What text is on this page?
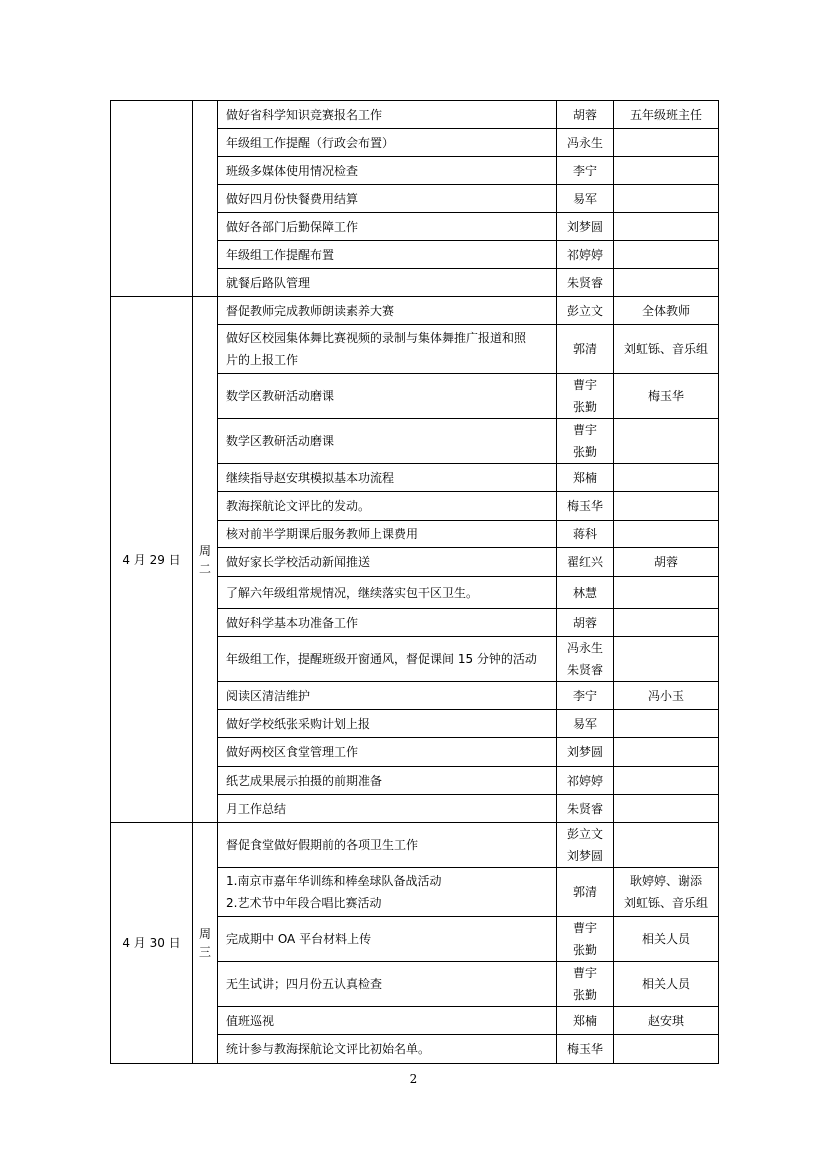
		做好省科学知识竞赛报名工作	胡蓉	五年级班主任

		年级组工作提醒（行政会布置）	冯永生	

		班级多媒体使用情况检查	李宁	

		做好四月份快餐费用结算	易军	

		做好各部门后勤保障工作	刘梦圆	

		年级组工作提醒布置	祁婷婷	

		就餐后路队管理	朱贤睿	

4 月 29 日	周
二	督促教师完成教师朗读素养大赛	彭立文	全体教师

		做好区校园集体舞比赛视频的录制与集体舞推广报道和照
片的上报工作	郭清	刘虹铄、音乐组

		数学区教研活动磨课	曹宇
张勤	梅玉华

		数学区教研活动磨课	曹宇
张勤	

		继续指导赵安琪模拟基本功流程	郑楠	

		教海探航论文评比的发动。	梅玉华	

		核对前半学期课后服务教师上课费用	蒋科	

		做好家长学校活动新闻推送	翟红兴	胡蓉

		了解六年级组常规情况，继续落实包干区卫生。	林慧	

		做好科学基本功准备工作	胡蓉	

		年级组工作，提醒班级开窗通风，督促课间 15 分钟的活动	冯永生
朱贤睿	

		阅读区清洁维护	李宁	冯小玉

		做好学校纸张采购计划上报	易军	

		做好两校区食堂管理工作	刘梦圆	

		纸艺成果展示拍摄的前期准备	祁婷婷	

		月工作总结	朱贤睿	

4 月 30 日	周
三	督促食堂做好假期前的各项卫生工作	彭立文
刘梦圆	

		1.南京市嘉年华训练和棒垒球队备战活动
2.艺术节中年段合唱比赛活动	郭清	耿婷婷、谢添
刘虹铄、音乐组

		完成期中 OA 平台材料上传	曹宇
张勤	相关人员

		无生试讲；四月份五认真检查	曹宇
张勤	相关人员

		值班巡视	郑楠	赵安琪

		统计参与教海探航论文评比初始名单。	梅玉华	

2
